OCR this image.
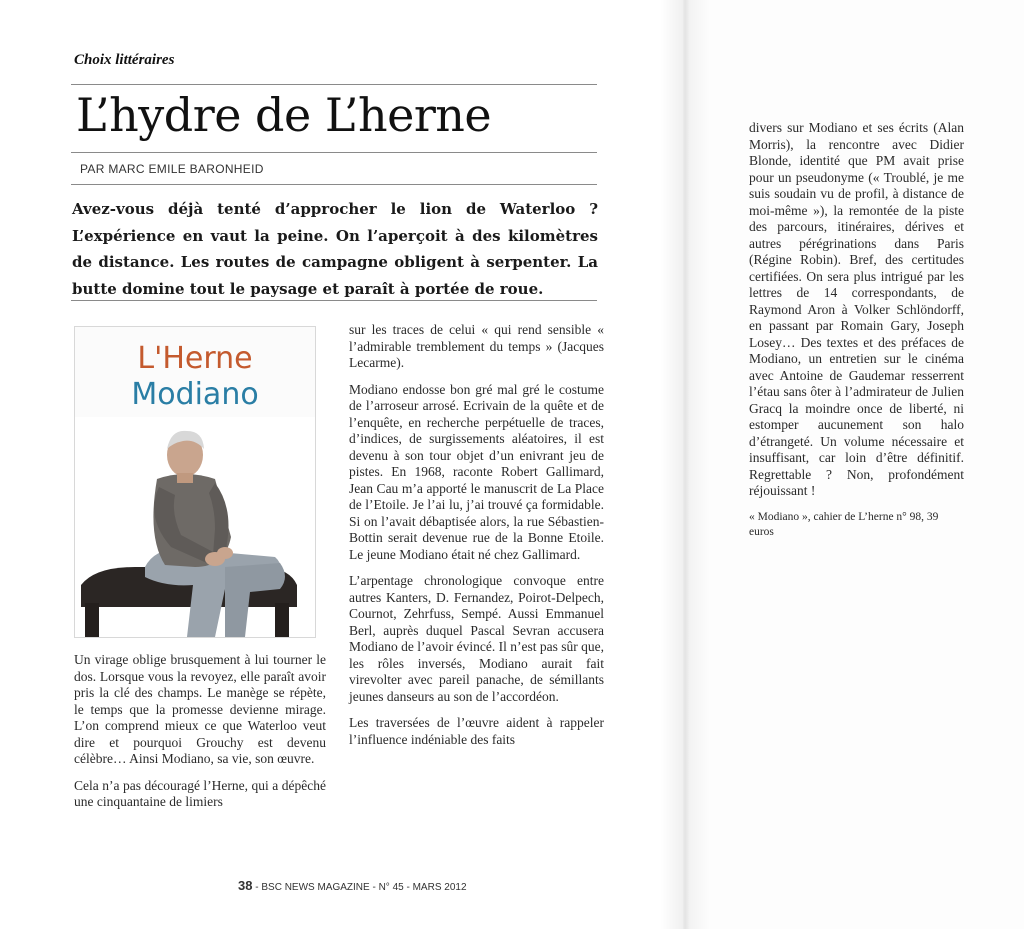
Choix littéraires
L’hydre de L’herne
PAR MARC EMILE BARONHEID
Avez-vous déjà tenté d’approcher le lion de Waterloo ? L’expérience en vaut la peine. On l’aperçoit à des kilomètres de distance. Les routes de campagne obligent à serpenter. La butte domine tout le paysage et paraît à portée de roue.
L'Herne
Modiano

Un virage oblige brusquement à lui tourner le dos. Lorsque vous la revoyez, elle paraît avoir pris la clé des champs. Le manège se répète, le temps que la promesse devienne mirage. L’on comprend mieux ce que Waterloo veut dire et pourquoi Grouchy est devenu célèbre… Ainsi Modiano, sa vie, son œuvre.

Cela n’a pas découragé l’Herne, qui a dépêché une cinquantaine de limiers

sur les traces de celui « qui rend sensible « l’admirable tremblement du temps » (Jacques Lecarme).

Modiano endosse bon gré mal gré le costume de l’arroseur arrosé. Ecrivain de la quête et de l’enquête, en recherche perpétuelle de traces, d’indices, de surgissements aléatoires, il est devenu à son tour objet d’un enivrant jeu de pistes. En 1968, raconte Robert Gallimard, Jean Cau m’a apporté le manuscrit de La Place de l’Etoile. Je l’ai lu, j’ai trouvé ça formidable. Si on l’avait débaptisée alors, la rue Sébastien-Bottin serait devenue rue de la Bonne Etoile. Le jeune Modiano était né chez Gallimard.

L’arpentage chronologique convoque entre autres Kanters, D. Fernandez, Poirot-Delpech, Cournot, Zehrfuss, Sempé. Aussi Emmanuel Berl, auprès duquel Pascal Sevran accusera Modiano de l’avoir évincé. Il n’est pas sûr que, les rôles inversés, Modiano aurait fait virevolter avec pareil panache, de sémillants jeunes danseurs au son de l’accordéon.

Les traversées de l’œuvre aident à rappeler l’influence indéniable des faits

divers sur Modiano et ses écrits (Alan Morris), la rencontre avec Didier Blonde, identité que PM avait prise pour un pseudonyme (« Troublé, je me suis soudain vu de profil, à distance de moi-même »), la remontée de la piste des parcours, itinéraires, dérives et autres pérégrinations dans Paris (Régine Robin). Bref, des certitudes certifiées. On sera plus intrigué par les lettres de 14 correspondants, de Raymond Aron à Volker Schlöndorff, en passant par Romain Gary, Joseph Losey… Des textes et des préfaces de Modiano, un entretien sur le cinéma avec Antoine de Gaudemar resserrent l’étau sans ôter à l’admirateur de Julien Gracq la moindre once de liberté, ni estomper aucunement son halo d’étrangeté. Un volume nécessaire et insuffisant, car loin d’être définitif. Regrettable ? Non, profondément réjouissant !

« Modiano », cahier de L’herne n° 98, 39 euros

38 - BSC NEWS MAGAZINE - N° 45 - MARS 2012
